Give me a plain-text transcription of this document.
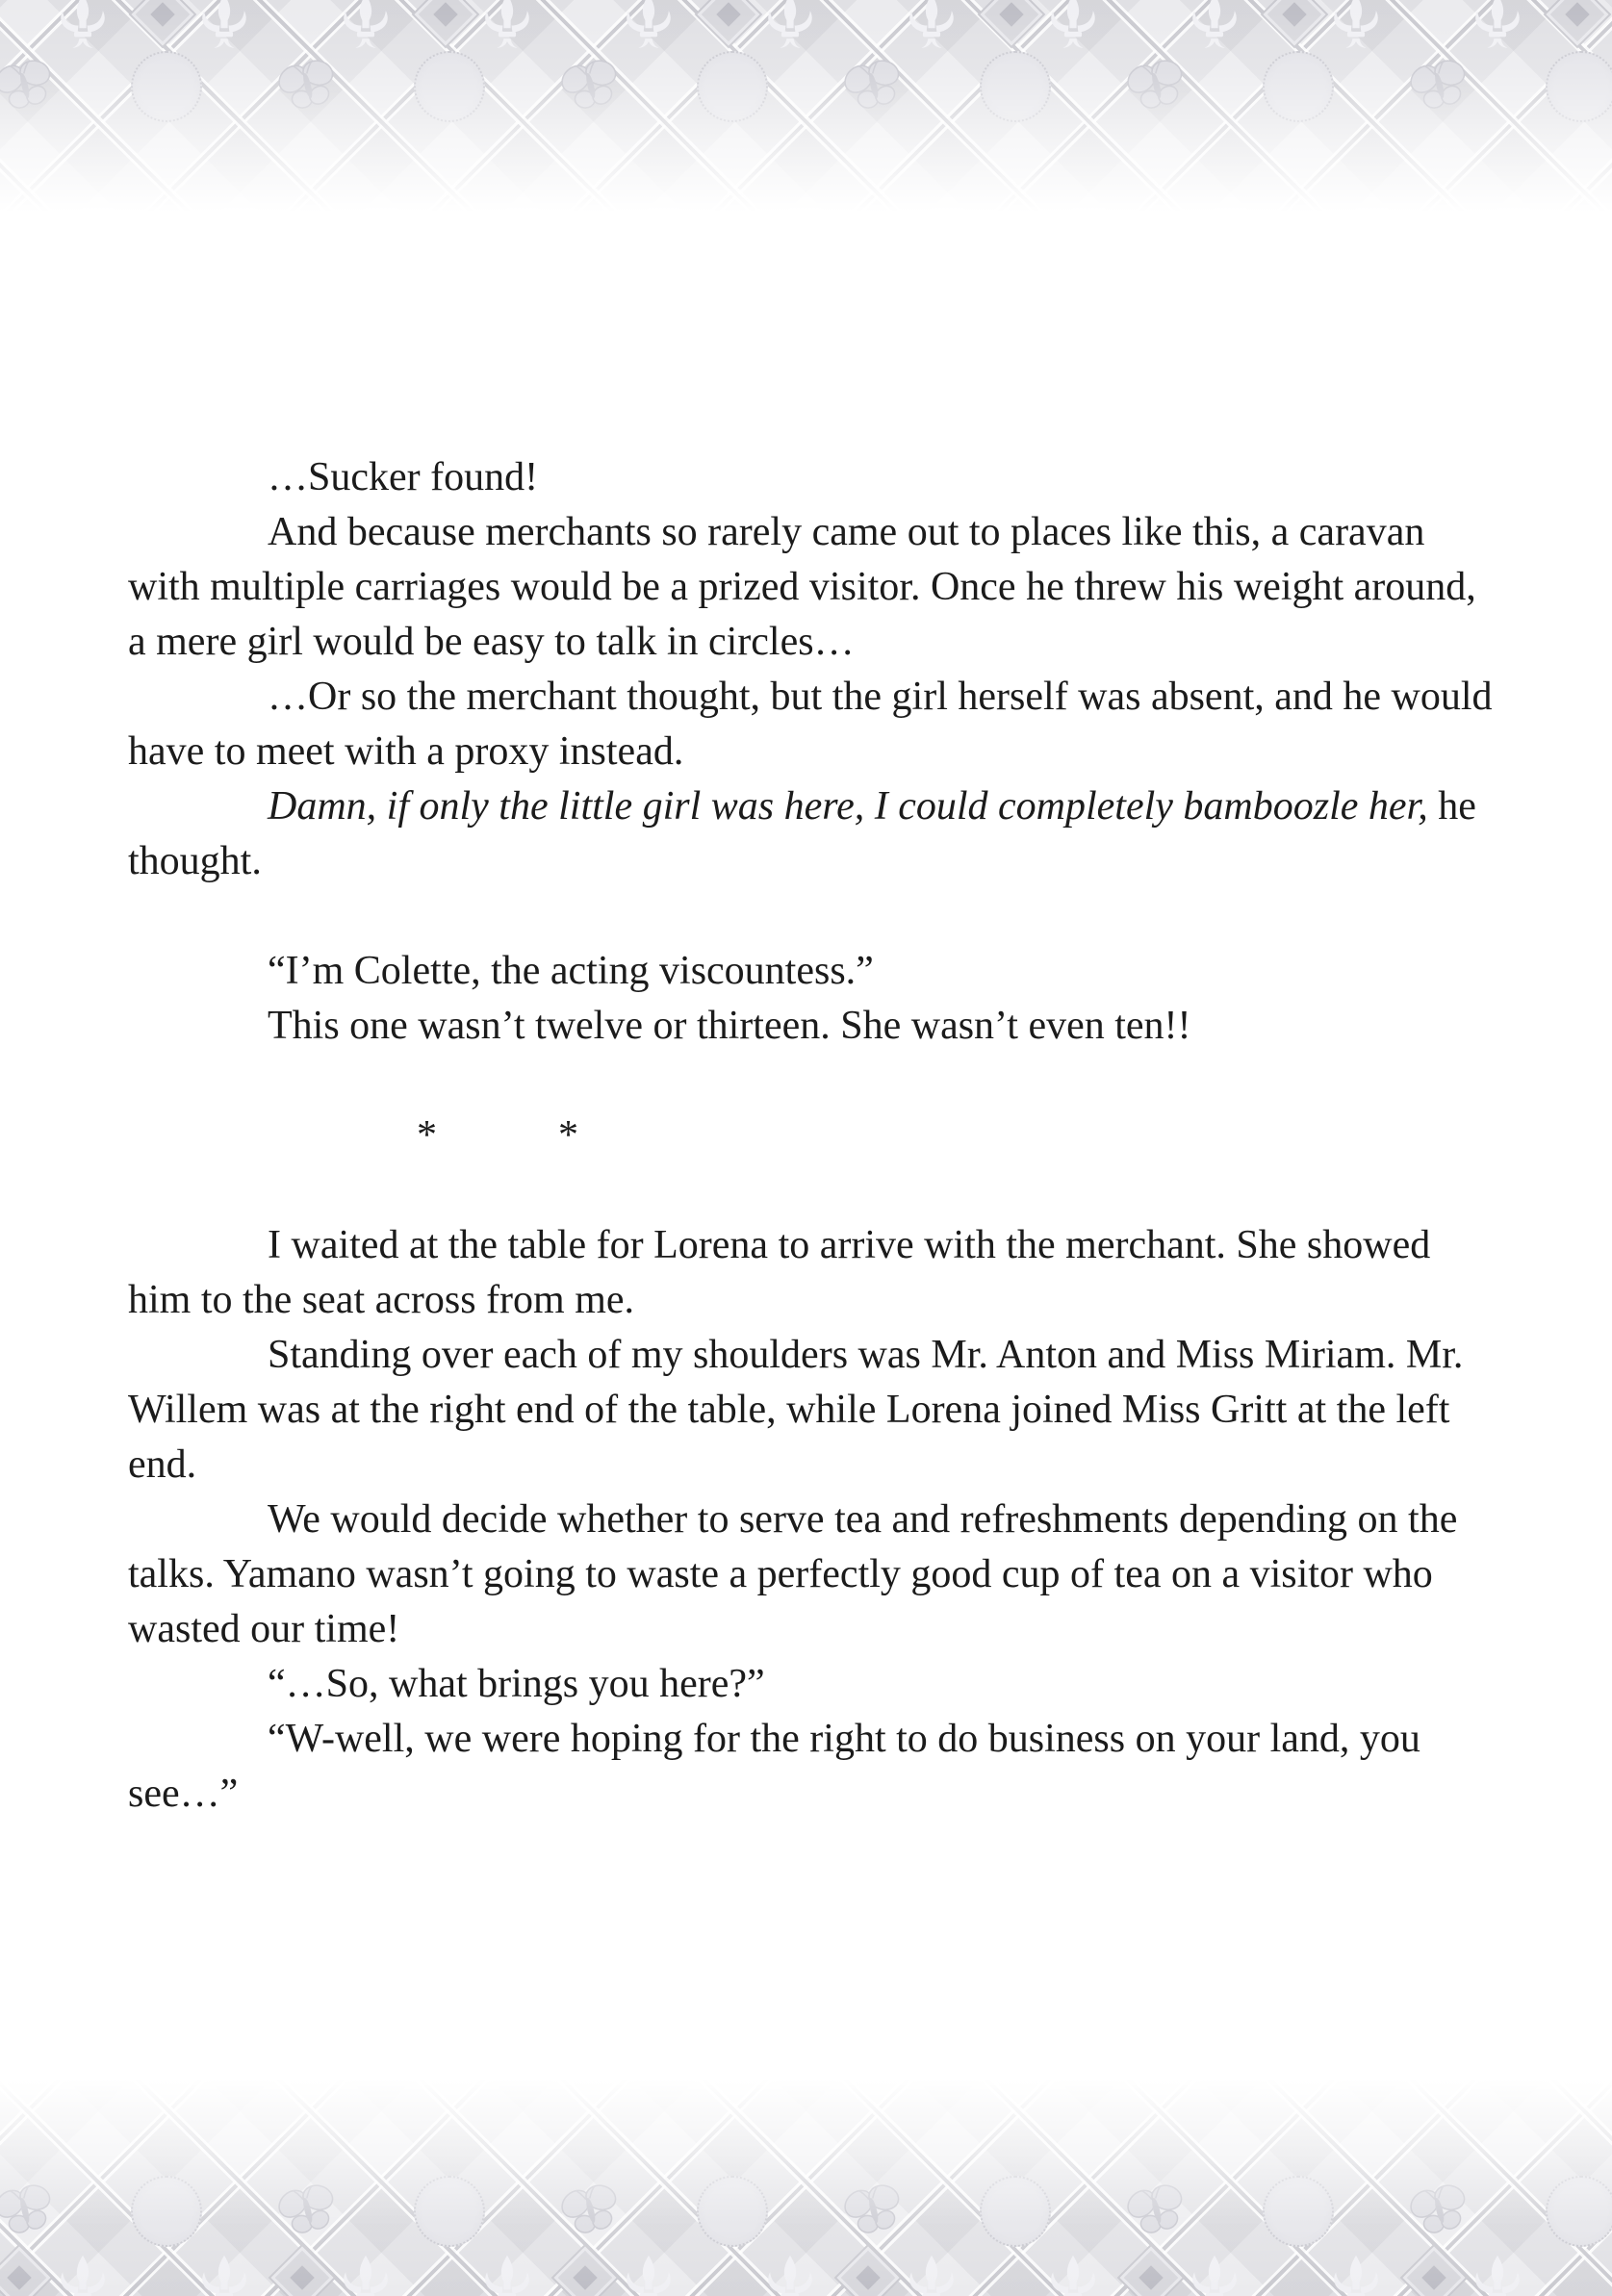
…Sucker found!

And because merchants so rarely came out to places like this, a caravan with multiple carriages would be a prized visitor. Once he threw his weight around, a mere girl would be easy to talk in circles…

…Or so the merchant thought, but the girl herself was absent, and he would have to meet with a proxy instead.

Damn, if only the little girl was here, I could completely bamboozle her, he thought.

“I’m Colette, the acting viscountess.”

This one wasn’t twelve or thirteen. She wasn’t even ten!!

*   *

I waited at the table for Lorena to arrive with the merchant. She showed him to the seat across from me.

Standing over each of my shoulders was Mr. Anton and Miss Miriam. Mr. Willem was at the right end of the table, while Lorena joined Miss Gritt at the left end.

We would decide whether to serve tea and refreshments depending on the talks. Yamano wasn’t going to waste a perfectly good cup of tea on a visitor who wasted our time!

“…So, what brings you here?”

“W-well, we were hoping for the right to do business on your land, you see…”
